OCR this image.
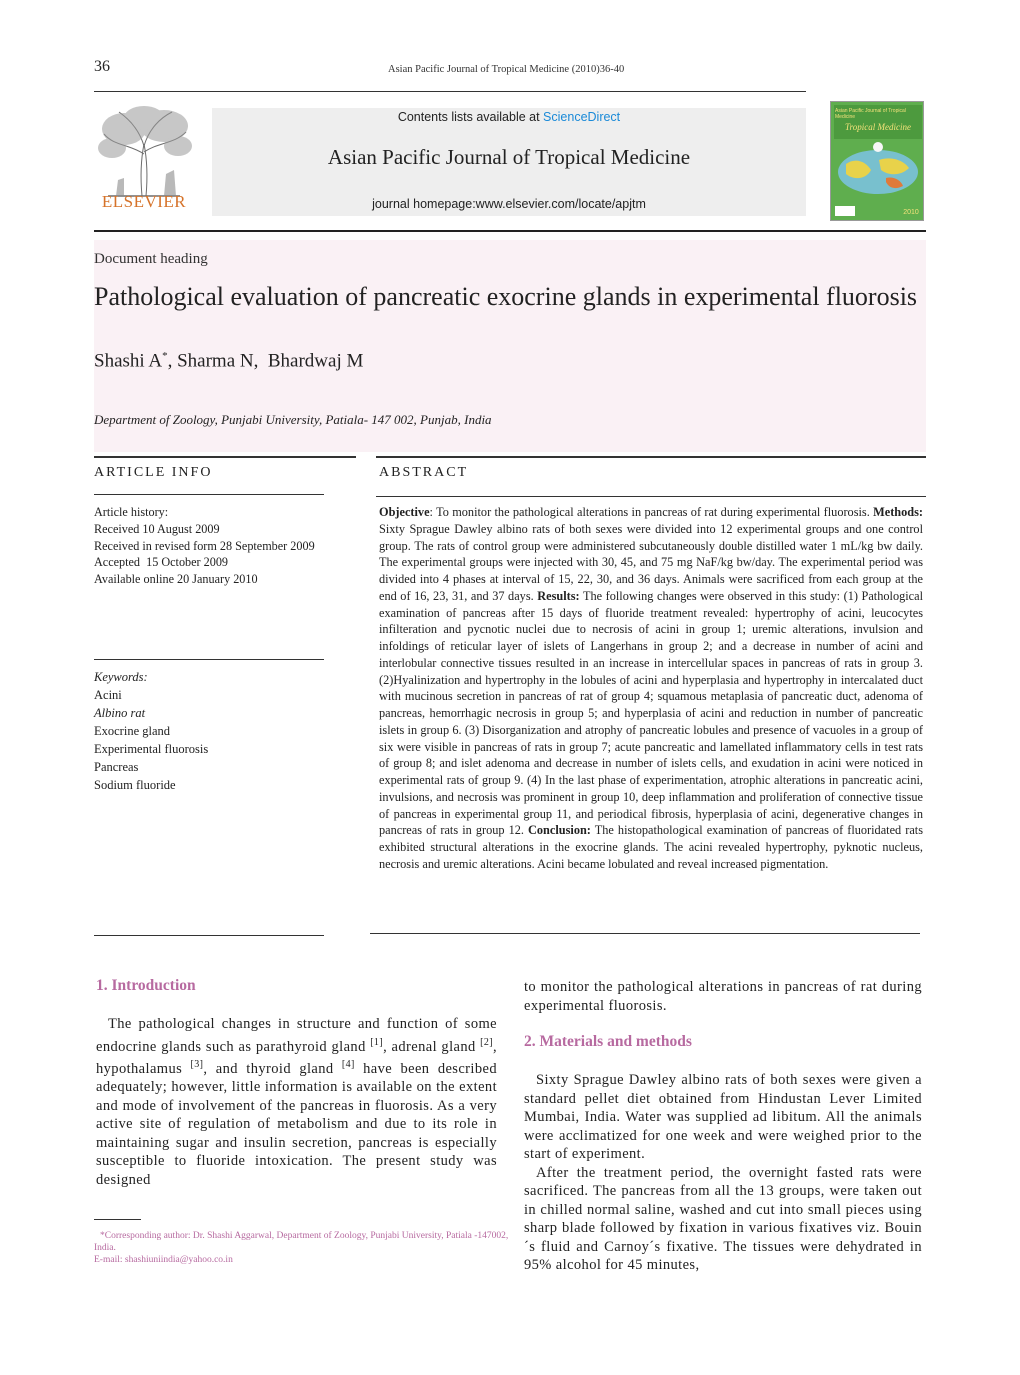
36	Asian Pacific Journal of Tropical Medicine (2010)36-40
ELSEVIER
Contents lists available at ScienceDirect
Asian Pacific Journal of Tropical Medicine
journal homepage:www.elsevier.com/locate/apjtm
Tropical Medicine
2010
Asian Pacific Journal of Tropical Medicine
Document heading
Pathological evaluation of pancreatic exocrine glands in experimental fluorosis
Shashi A*, Sharma N,  Bhardwaj M
Department of Zoology, Punjabi University, Patiala- 147 002, Punjab, India
ARTICLE INFO	ABSTRACT
Article history:
Received 10 August 2009
Received in revised form 28 September 2009
Accepted  15 October 2009
Available online 20 January 2010
Keywords:
Acini
Albino rat
Exocrine gland
Experimental fluorosis
Pancreas
Sodium fluoride
Objective: To monitor the pathological alterations in pancreas of rat during experimental fluorosis. Methods: Sixty Sprague Dawley albino rats of both sexes were divided into 12 experimental groups and one control group. The rats of control group were administered subcutaneously double distilled water 1 mL/kg bw daily. The experimental groups were injected with 30, 45, and 75 mg NaF/kg bw/day. The experimental period was divided into 4 phases at interval of 15, 22, 30, and 36 days. Animals were sacrificed from each group at the end of 16, 23, 31, and 37 days. Results: The following changes were observed in this study: (1) Pathological examination of pancreas after 15 days of fluoride treatment revealed: hypertrophy of acini, leucocytes infilteration and pycnotic nuclei due to necrosis of acini in group 1; uremic alterations, invulsion and infoldings of reticular layer of islets of Langerhans in group 2; and a decrease in number of acini and interlobular connective tissues resulted in an increase in intercellular spaces in pancreas of rats in group 3. (2)Hyalinization and hypertrophy in the lobules of acini and hyperplasia and hypertrophy in intercalated duct with mucinous secretion in pancreas of rat of group 4; squamous metaplasia of pancreatic duct, adenoma of pancreas, hemorrhagic necrosis in group 5; and hyperplasia of acini and reduction in number of pancreatic islets in group 6. (3) Disorganization and atrophy of pancreatic lobules and presence of vacuoles in a group of six were visible in pancreas of rats in group 7; acute pancreatic and lamellated inflammatory cells in test rats of group 8; and islet adenoma and decrease in number of islets cells, and exudation in acini were noticed in experimental rats of group 9. (4) In the last phase of experimentation, atrophic alterations in pancreatic acini, invulsions, and necrosis was prominent in group 10, deep inflammation and proliferation of connective tissue of pancreas in experimental group 11, and periodical fibrosis, hyperplasia of acini, degenerative changes in pancreas of rats in group 12. Conclusion: The histopathological examination of pancreas of fluoridated rats exhibited structural alterations in the exocrine glands. The acini revealed hypertrophy, pyknotic nucleus, necrosis and uremic alterations. Acini became lobulated and reveal increased pigmentation.
1. Introduction
The pathological changes in structure and function of some endocrine glands such as parathyroid gland [1], adrenal gland [2], hypothalamus [3], and thyroid gland [4] have been described adequately; however, little information is available on the extent and mode of involvement of the pancreas in fluorosis. As a very active site of regulation of metabolism and due to its role in maintaining sugar and insulin secretion, pancreas is especially susceptible to fluoride intoxication. The present study was designed
*Corresponding author: Dr. Shashi Aggarwal, Department of Zoology, Punjabi University, Patiala -147002, India.
E-mail: shashiuniindia@yahoo.co.in
to monitor the pathological alterations in pancreas of rat during experimental fluorosis.
2. Materials and methods

Sixty Sprague Dawley albino rats of both sexes were given a standard pellet diet obtained from Hindustan Lever Limited Mumbai, India. Water was supplied ad libitum. All the animals were acclimatized for one week and were weighed prior to the start of experiment.

After the treatment period, the overnight fasted rats were sacrificed. The pancreas from all the 13 groups, were taken out in chilled normal saline, washed and cut into small pieces using sharp blade followed by fixation in various fixatives viz. Bouin´s fluid and Carnoy´s fixative. The tissues were dehydrated in 95% alcohol for 45 minutes,
